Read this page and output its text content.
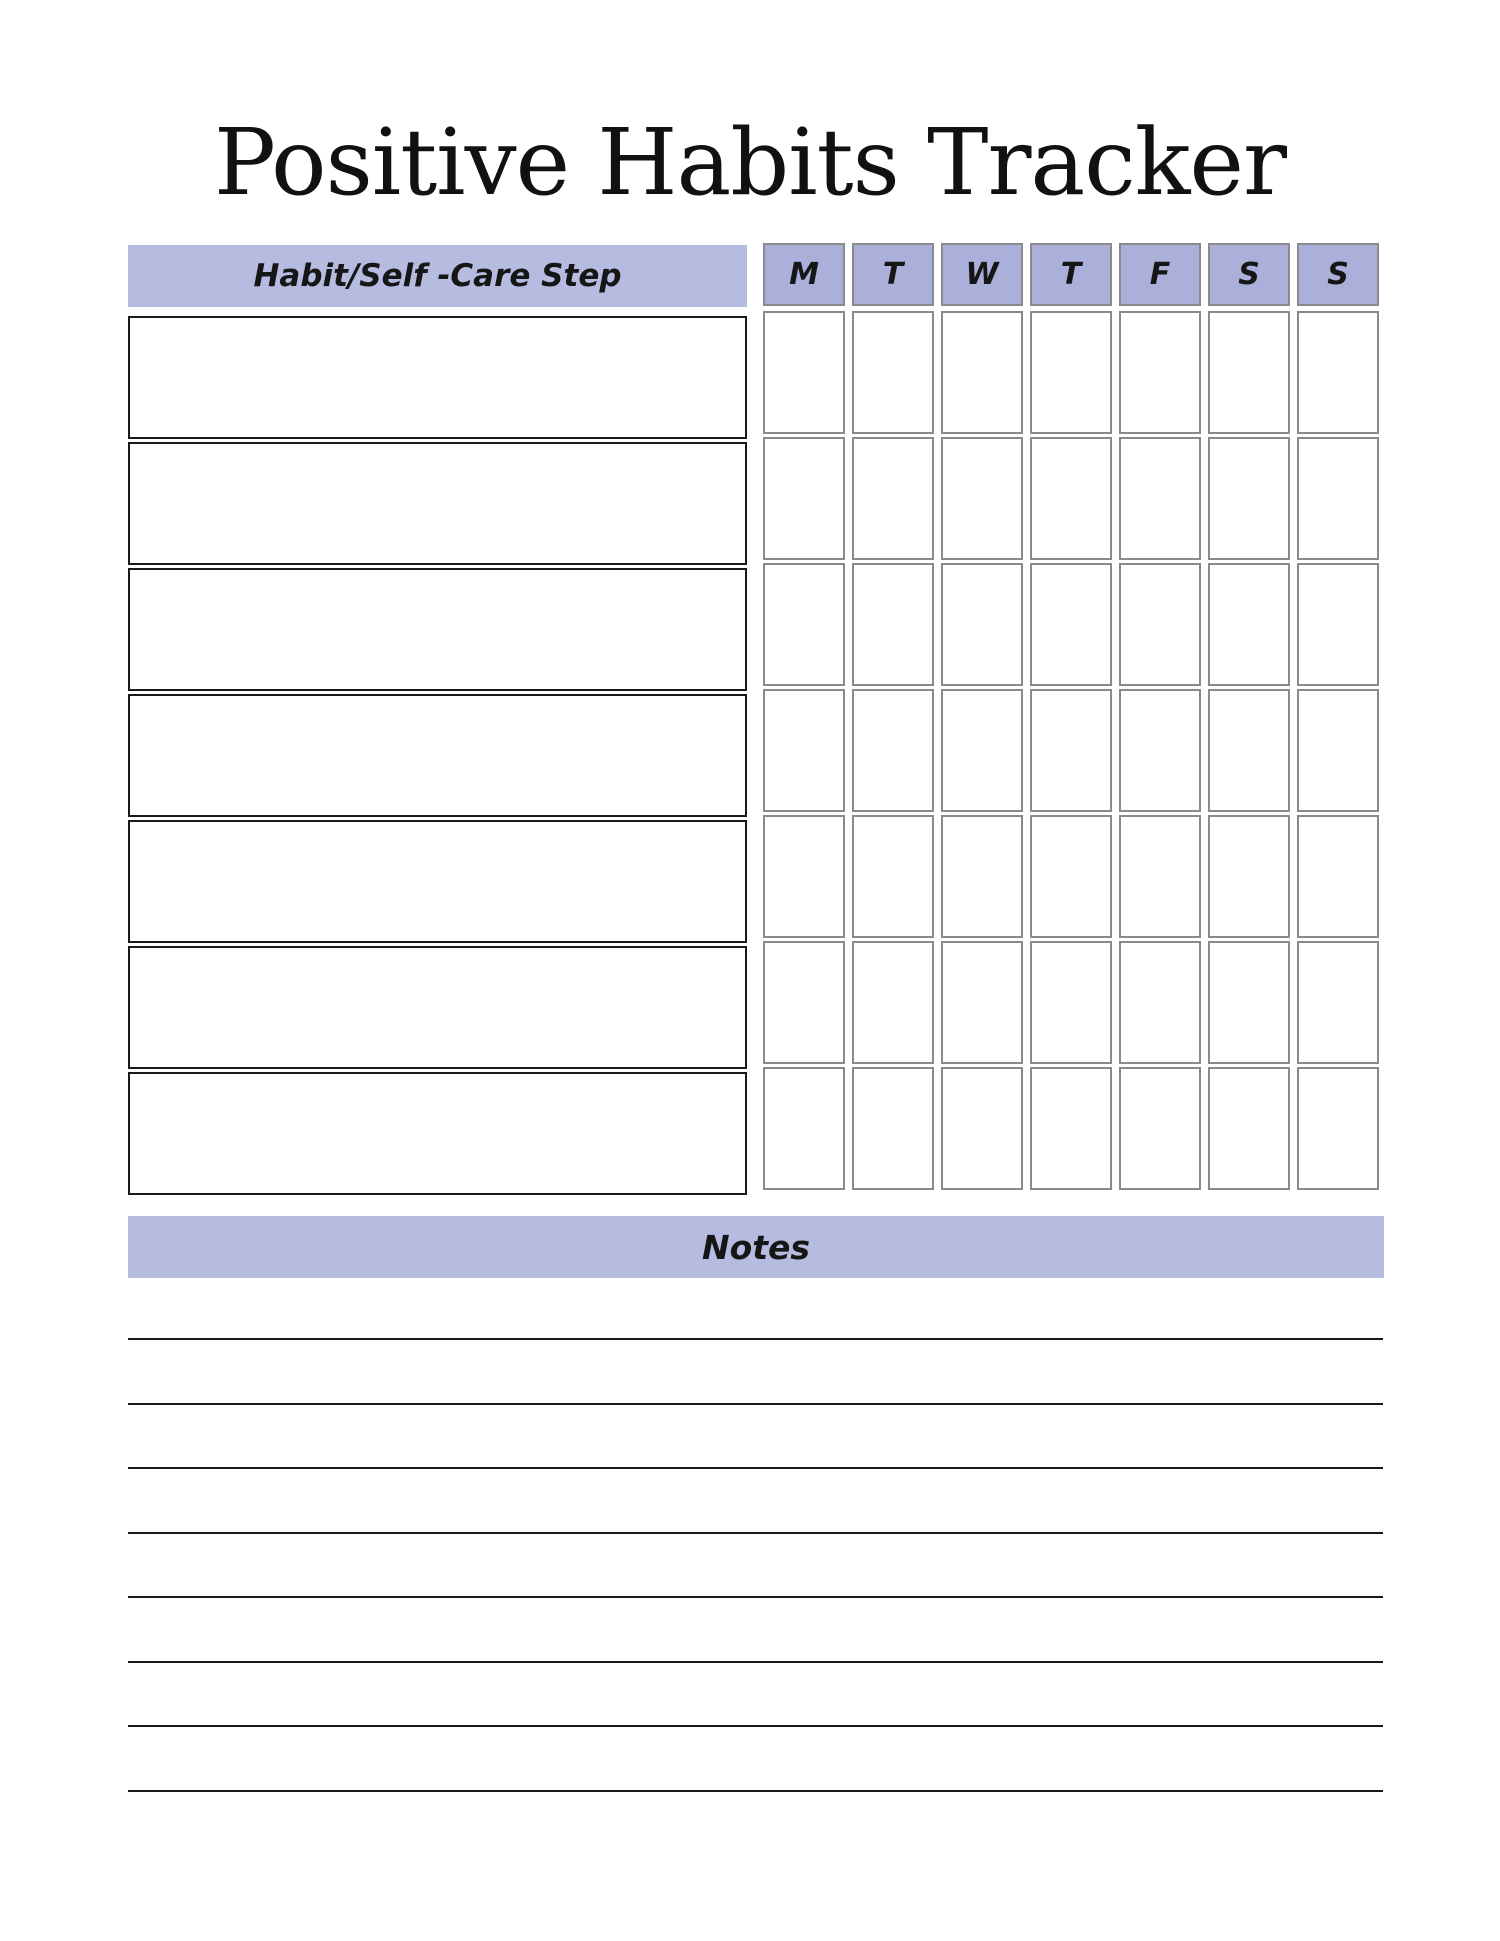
Positive Habits Tracker
Habit/Self -Care Step	M	T	W	T	F	S	S
Notes
